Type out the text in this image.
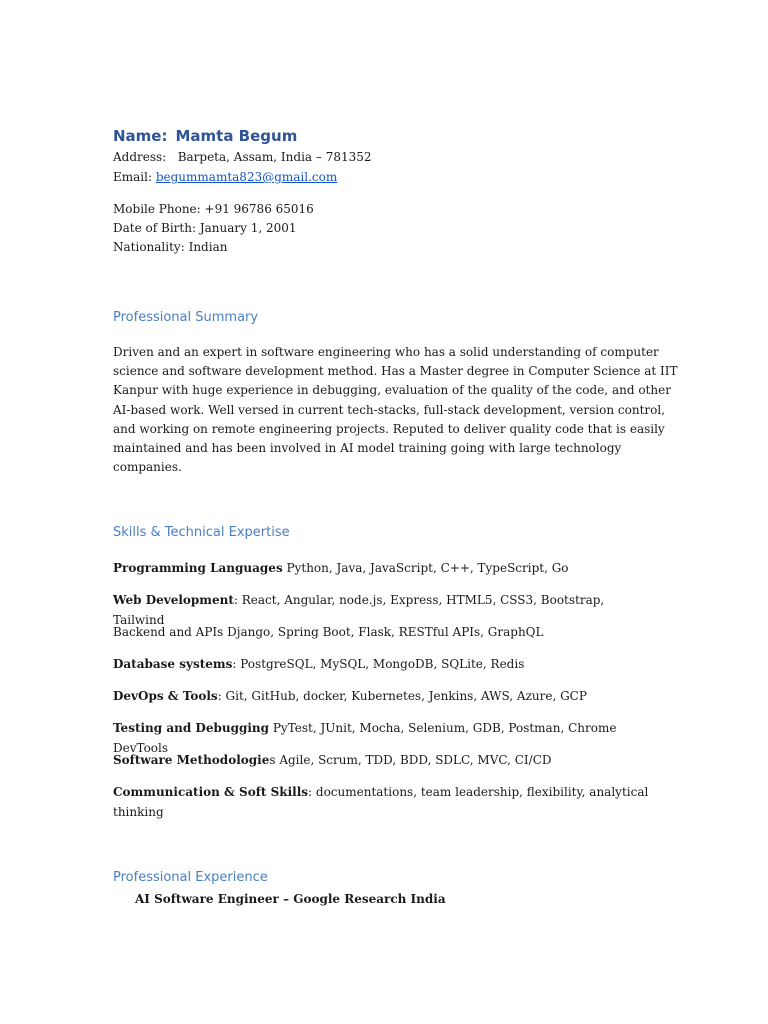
Name: Mamta Begum
Address: Barpeta, Assam, India – 781352
Email: begummamta823@gmail.com
Mobile Phone: +91 96786 65016
Date of Birth: January 1, 2001
Nationality: Indian
Professional Summary
Driven and an expert in software engineering who has a solid understanding of computer
science and software development method. Has a Master degree in Computer Science at IIT
Kanpur with huge experience in debugging, evaluation of the quality of the code, and other
AI-based work. Well versed in current tech-stacks, full-stack development, version control,
and working on remote engineering projects. Reputed to deliver quality code that is easily
maintained and has been involved in AI model training going with large technology
companies.
Skills & Technical Expertise
Programming Languages Python, Java, JavaScript, C++, TypeScript, Go
Web Development: React, Angular, node.js, Express, HTML5, CSS3, Bootstrap, Tailwind
Backend and APIs Django, Spring Boot, Flask, RESTful APIs, GraphQL
Database systems: PostgreSQL, MySQL, MongoDB, SQLite, Redis
DevOps & Tools: Git, GitHub, docker, Kubernetes, Jenkins, AWS, Azure, GCP
Testing and Debugging PyTest, JUnit, Mocha, Selenium, GDB, Postman, Chrome DevTools
Software Methodologies Agile, Scrum, TDD, BDD, SDLC, MVC, CI/CD
Communication & Soft Skills: documentations, team leadership, flexibility, analytical thinking
Professional Experience
AI Software Engineer – Google Research India
